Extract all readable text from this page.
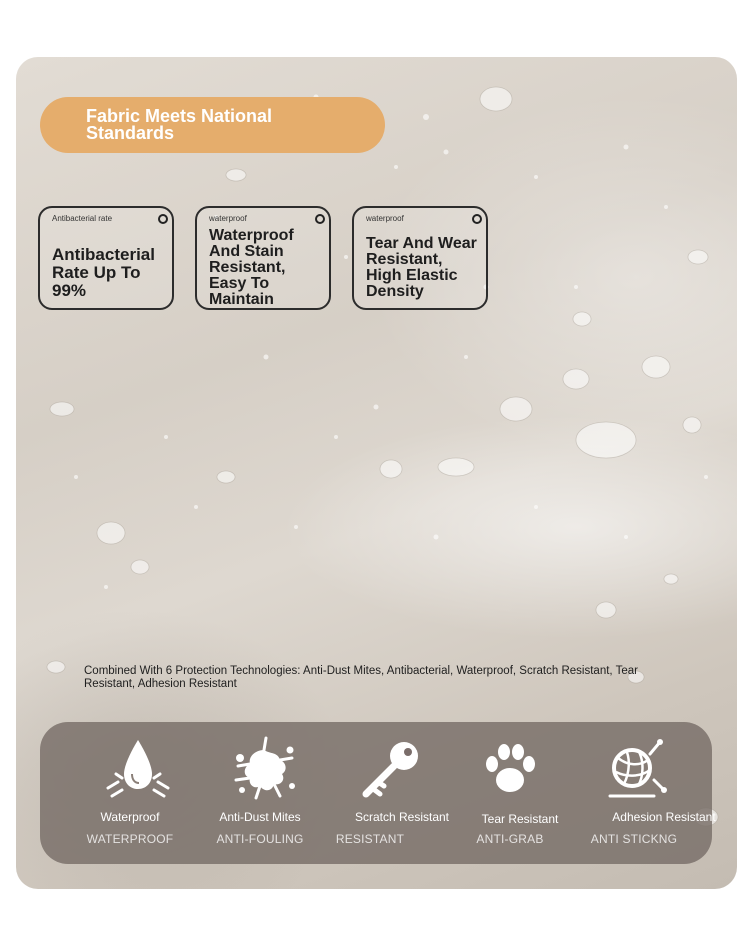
Fabric Meets National Standards
Antibacterial rate
Antibacterial Rate Up To 99%
waterproof
Waterproof And Stain Resistant, Easy To Maintain
waterproof
Tear And Wear Resistant, High Elastic Density
Combined With 6 Protection Technologies: Anti-Dust Mites, Antibacterial, Waterproof, Scratch Resistant, Tear Resistant, Adhesion Resistant
Waterproof
WATERPROOF
Anti-Dust Mites
ANTI-FOULING
Scratch Resistant
RESISTANT
Tear Resistant
ANTI-GRAB
Adhesion Resistant
ANTI STICKNG
